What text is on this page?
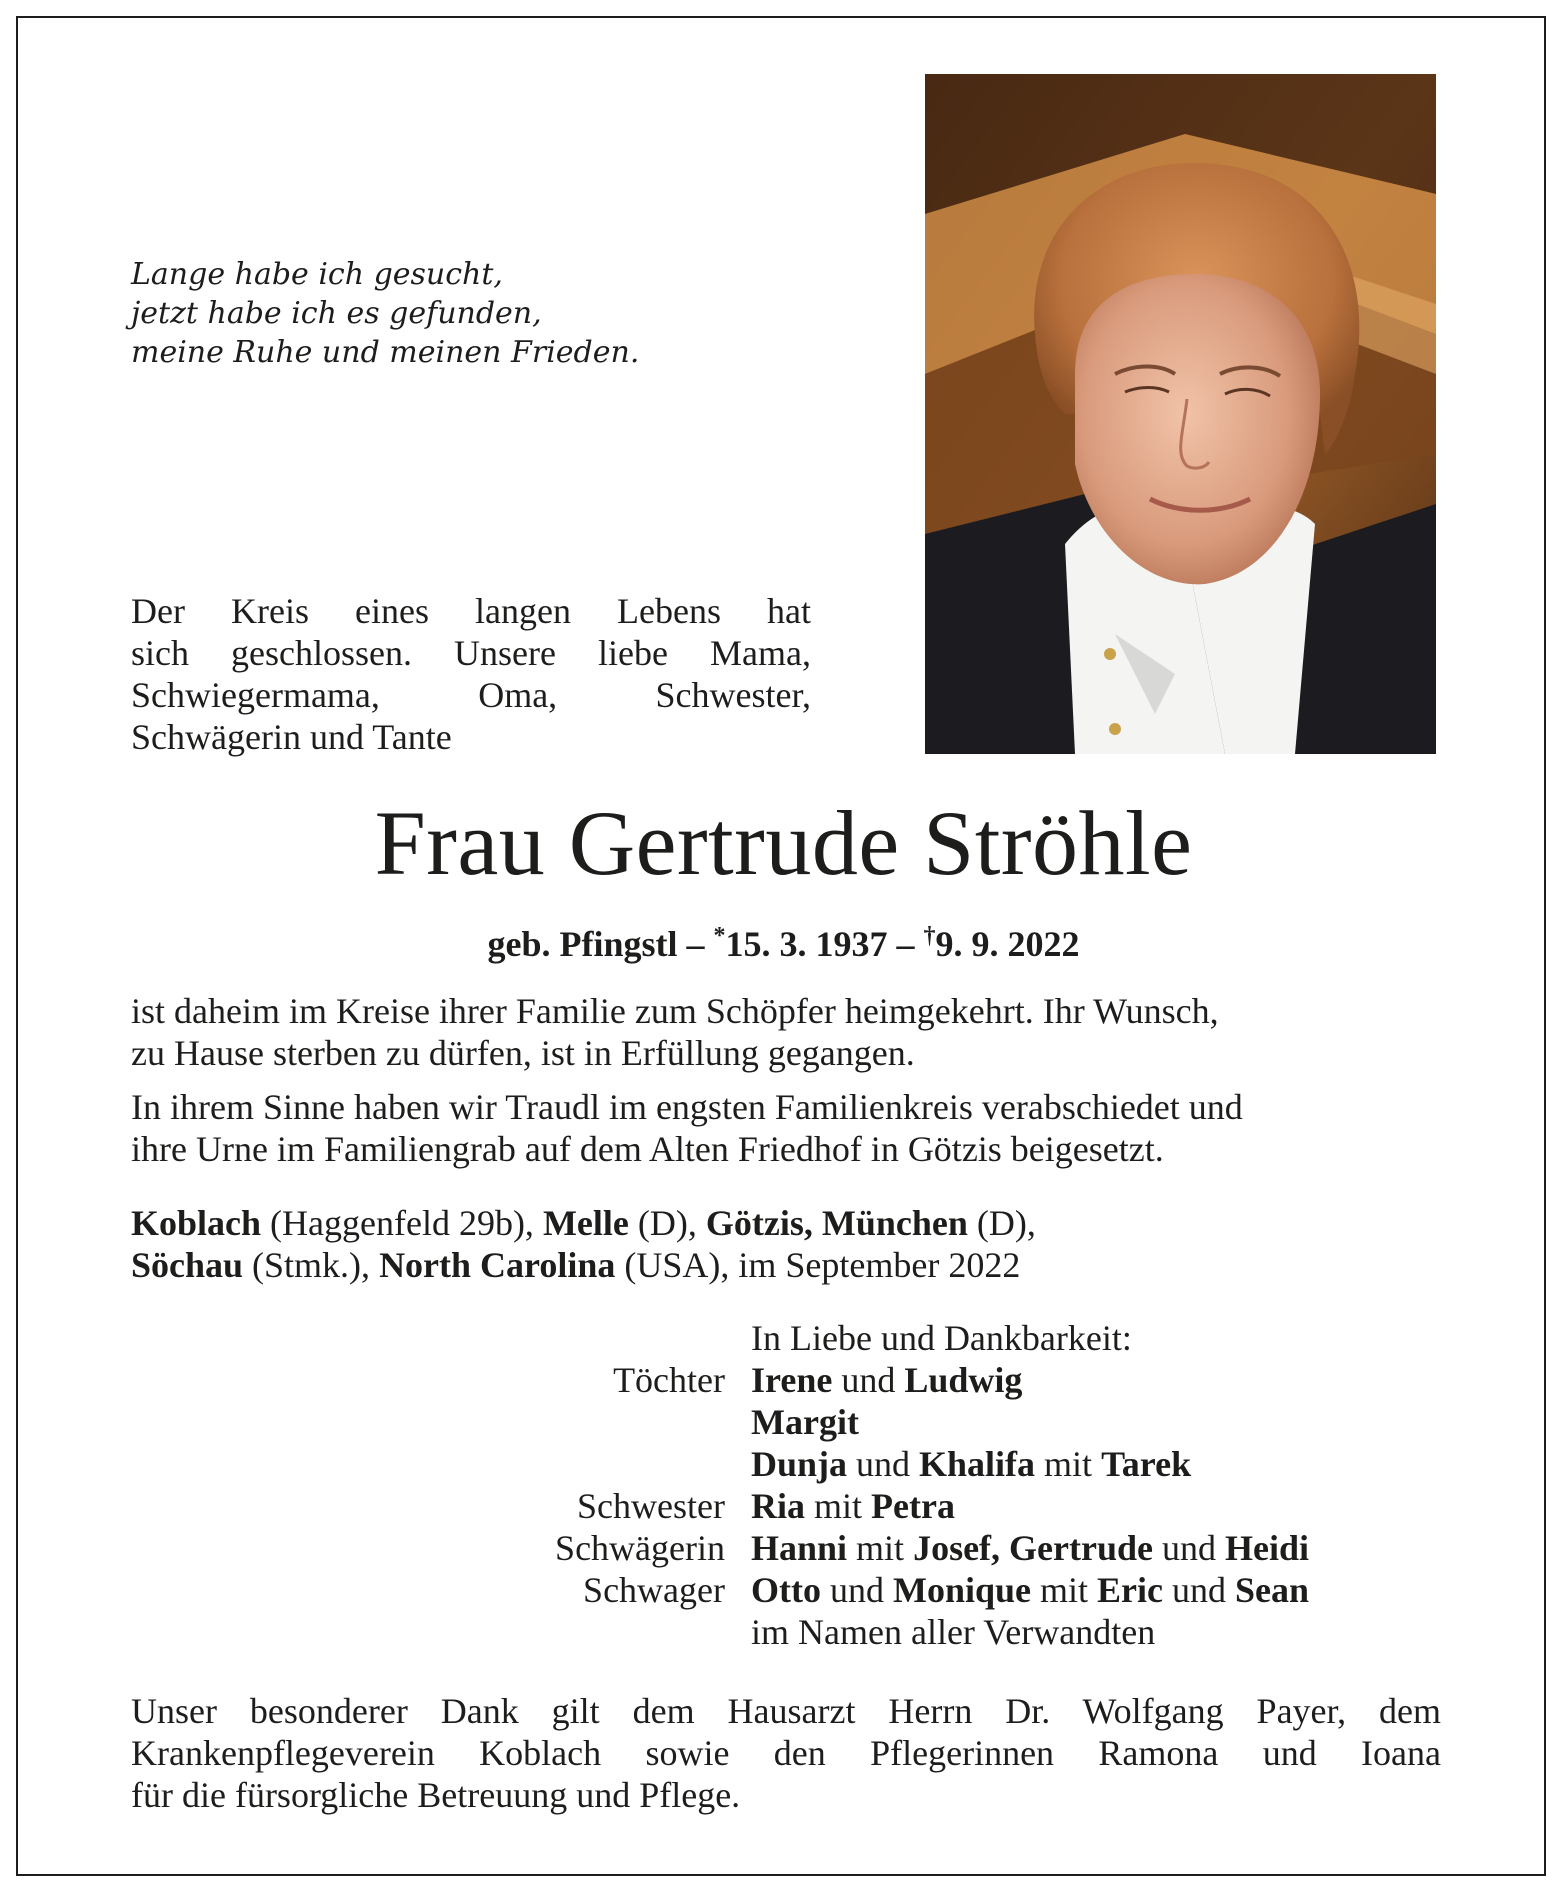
Lange habe ich gesucht,
jetzt habe ich es gefunden,
meine Ruhe und meinen Frieden.
Der Kreis eines langen Lebens hat
sich geschlossen. Unsere liebe Mama,
Schwiegermama, Oma, Schwester,
Schwägerin und Tante
Frau Gertrude Ströhle
geb. Pfingstl – *15. 3. 1937 – †9. 9. 2022
ist daheim im Kreise ihrer Familie zum Schöpfer heimgekehrt. Ihr Wunsch,
zu Hause sterben zu dürfen, ist in Erfüllung gegangen.
In ihrem Sinne haben wir Traudl im engsten Familienkreis verabschiedet und
ihre Urne im Familiengrab auf dem Alten Friedhof in Götzis beigesetzt.
Koblach (Haggenfeld 29b), Melle (D), Götzis, München (D),
Söchau (Stmk.), North Carolina (USA), im September 2022
In Liebe und Dankbarkeit:
Töchter Irene und Ludwig
Margit
Dunja und Khalifa mit Tarek
Schwester Ria mit Petra
Schwägerin Hanni mit Josef, Gertrude und Heidi
Schwager Otto und Monique mit Eric und Sean
im Namen aller Verwandten
Unser besonderer Dank gilt dem Hausarzt Herrn Dr. Wolfgang Payer, dem
Krankenpflegeverein Koblach sowie den Pflegerinnen Ramona und Ioana
für die fürsorgliche Betreuung und Pflege.
